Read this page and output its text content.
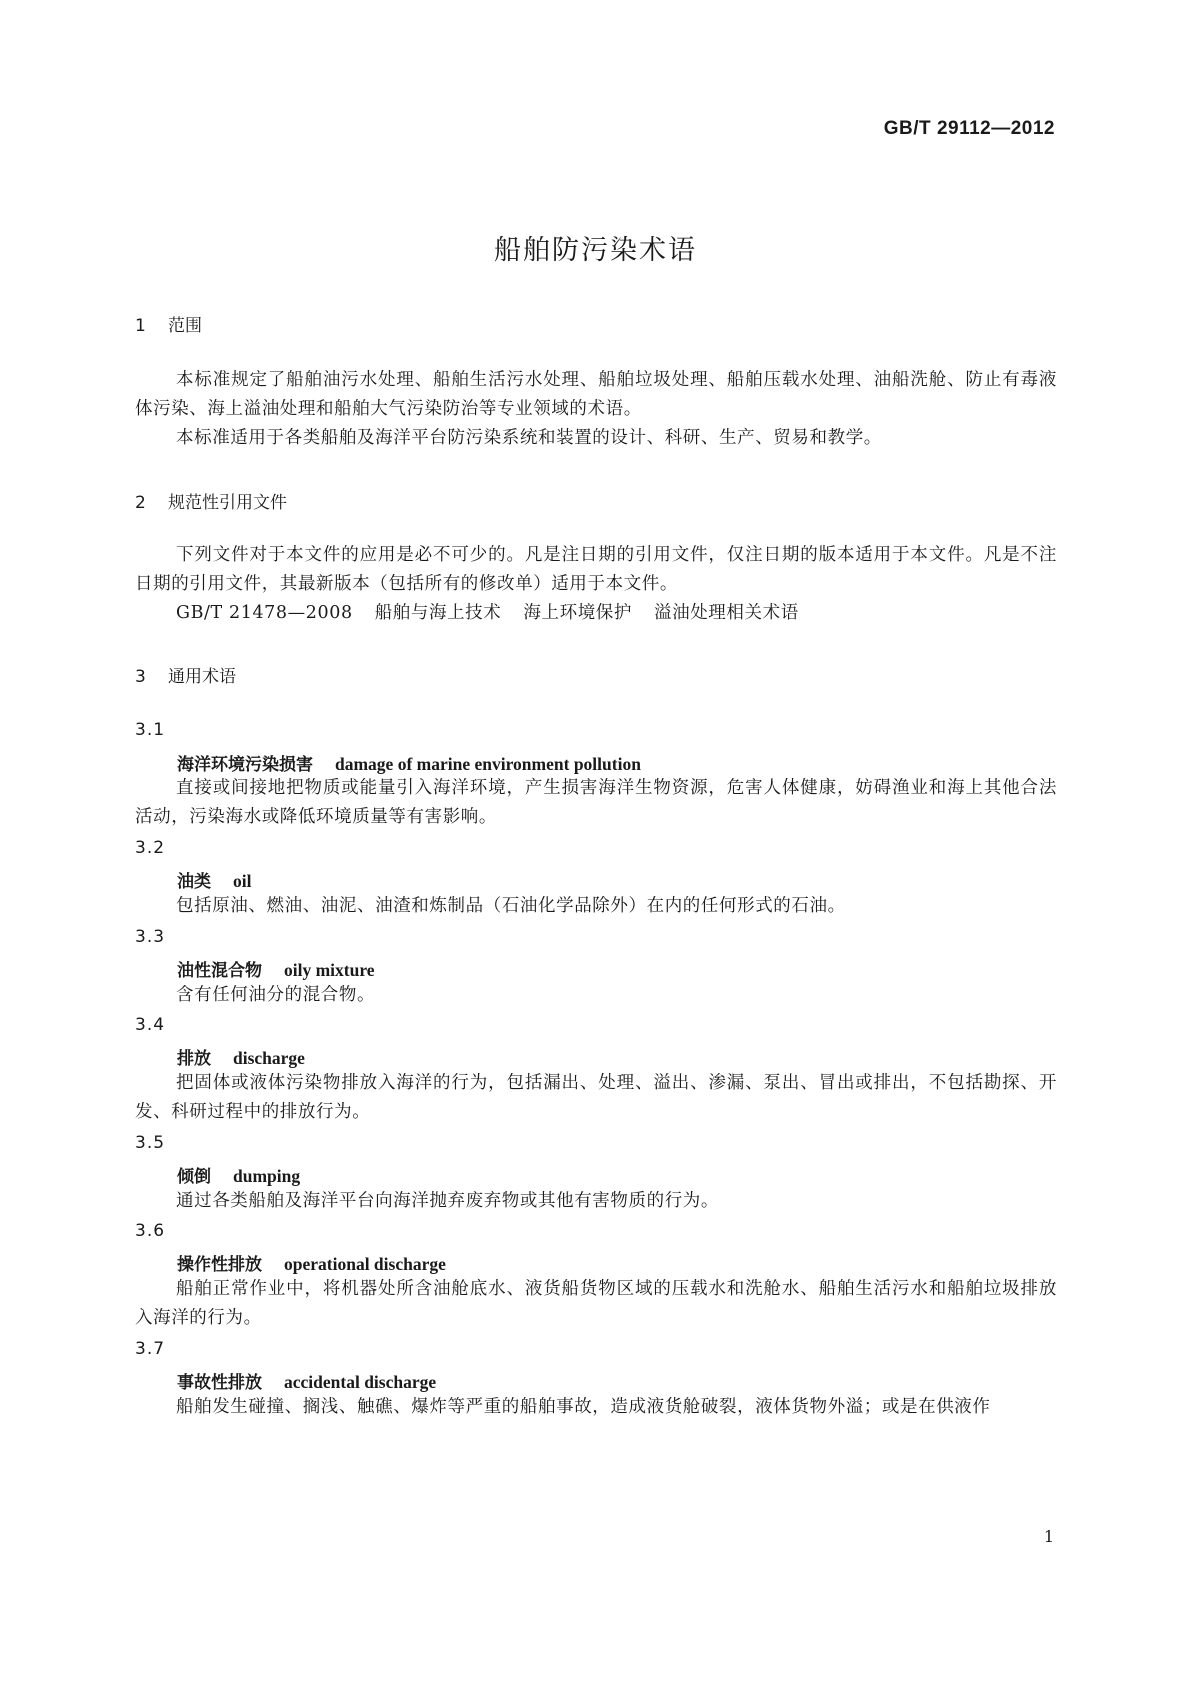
GB/T 29112—2012
船舶防污染术语
1 范围
本标准规定了船舶油污水处理、船舶生活污水处理、船舶垃圾处理、船舶压载水处理、油船洗舱、防止有毒液体污染、海上溢油处理和船舶大气污染防治等专业领域的术语。
本标准适用于各类船舶及海洋平台防污染系统和装置的设计、科研、生产、贸易和教学。
2 规范性引用文件
下列文件对于本文件的应用是必不可少的。凡是注日期的引用文件，仅注日期的版本适用于本文件。凡是不注日期的引用文件，其最新版本（包括所有的修改单）适用于本文件。
GB/T 21478—2008 船舶与海上技术 海上环境保护 溢油处理相关术语
3 通用术语
3.1
海洋环境污染损害 damage of marine environment pollution
直接或间接地把物质或能量引入海洋环境，产生损害海洋生物资源，危害人体健康，妨碍渔业和海上其他合法活动，污染海水或降低环境质量等有害影响。
3.2
油类 oil
包括原油、燃油、油泥、油渣和炼制品（石油化学品除外）在内的任何形式的石油。
3.3
油性混合物 oily mixture
含有任何油分的混合物。
3.4
排放 discharge
把固体或液体污染物排放入海洋的行为，包括漏出、处理、溢出、渗漏、泵出、冒出或排出，不包括勘探、开发、科研过程中的排放行为。
3.5
倾倒 dumping
通过各类船舶及海洋平台向海洋抛弃废弃物或其他有害物质的行为。
3.6
操作性排放 operational discharge
船舶正常作业中，将机器处所含油舱底水、液货船货物区域的压载水和洗舱水、船舶生活污水和船舶垃圾排放入海洋的行为。
3.7
事故性排放 accidental discharge
船舶发生碰撞、搁浅、触礁、爆炸等严重的船舶事故，造成液货舱破裂，液体货物外溢；或是在供液作
1
